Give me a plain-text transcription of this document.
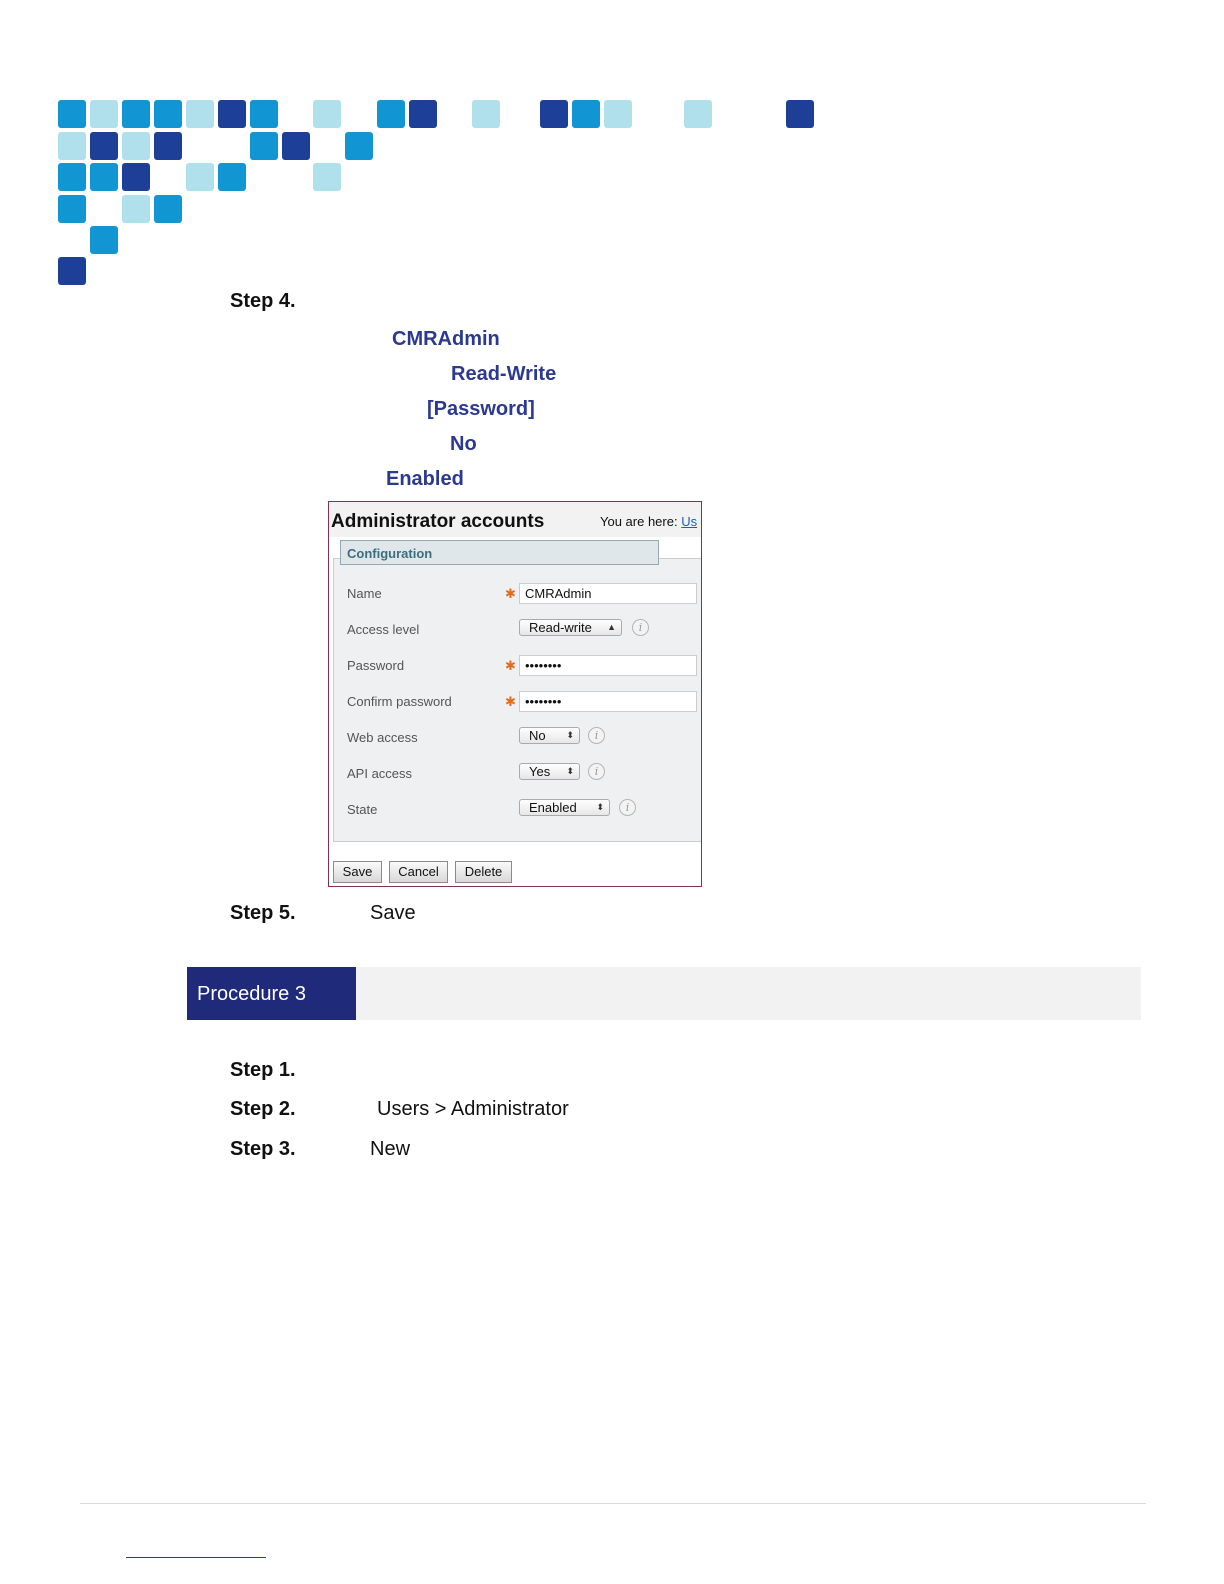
Step 4.
CMRAdmin
Read-Write
[Password]
No
Enabled
Administrator accounts	You are here: Us
Configuration
Name	✱ CMRAdmin
Access level	Read-write ▲	i
Password	✱ ••••••••
Confirm password	✱ ••••••••
Web access	No ⬍	i
API access	Yes ⬍	i
State	Enabled ⬍	i
Save	Cancel	Delete
Step 5.	Save
Procedure 3
Step 1.
Step 2.	Users > Administrator
Step 3.	New
